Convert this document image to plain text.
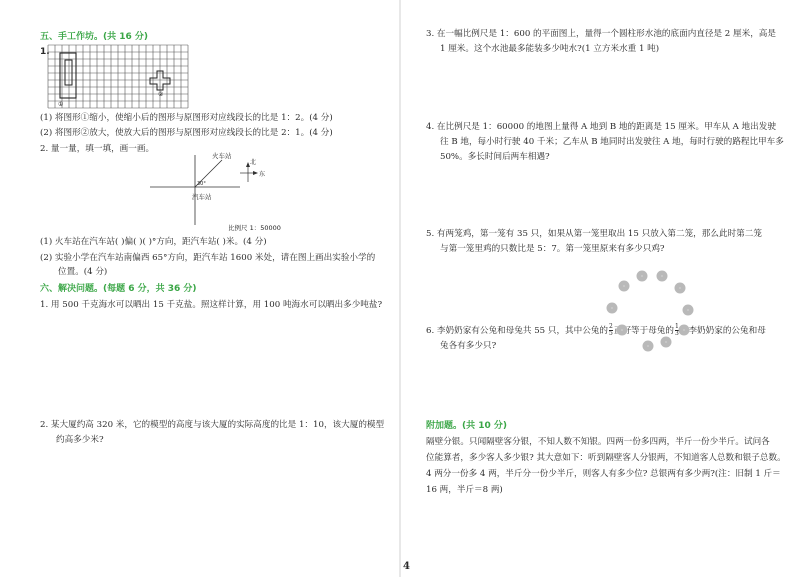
五、手工作坊。(共 16 分)
1.
①
②
(1) 将图形①缩小，使缩小后的图形与原图形对应线段长的比是 1：2。(4 分)
(2) 将图形②放大，使放大后的图形与原图形对应线段长的比是 2：1。(4 分)
2. 量一量，填一填，画一画。
火车站
汽车站
30°
北
东
比例尺 1：50000
(1) 火车站在汽车站( )偏( )( )°方向，距汽车站( )米。(4 分)
(2) 实验小学在汽车站南偏西 65°方向，距汽车站 1600 米处，请在图上画出实验小学的
位置。(4 分)
六、解决问题。(每题 6 分，共 36 分)
1. 用 500 千克海水可以晒出 15 千克盐。照这样计算，用 100 吨海水可以晒出多少吨盐?
2. 某大厦约高 320 米，它的模型的高度与该大厦的实际高度的比是 1：10，该大厦的模型
约高多少米?
3. 在一幅比例尺是 1：600 的平面图上，量得一个圆柱形水池的底面内直径是 2 厘米，高是
1 厘米。这个水池最多能装多少吨水?(1 立方米水重 1 吨)
4. 在比例尺是 1：60000 的地图上量得 A 地到 B 地的距离是 15 厘米。甲车从 A 地出发驶
往 B 地，每小时行驶 40 千米；乙车从 B 地同时出发驶往 A 地，每时行驶的路程比甲车多
50%。多长时间后两车相遇?
5. 有两笼鸡，第一笼有 35 只，如果从第一笼里取出 15 只放入第二笼，那么此时第二笼
与第一笼里鸡的只数比是 5：7。第一笼里原来有多少只鸡?
6. 李奶奶家有公兔和母兔共 55 只，其中公兔的 $\frac{2}{5}$ 正好等于母兔的 $\frac{1}{3}$ 。李奶奶家的公兔和母
兔各有多少只?
附加题。(共 10 分)
隔壁分银。只闻隔壁客分银，不知人数不知银。四两一份多四两，半斤一份少半斤。试问各
位能算者，多少客人多少银? 其大意如下：听到隔壁客人分银两，不知道客人总数和银子总数。
4 两分一份多 4 两，半斤分一份少半斤，则客人有多少位? 总银两有多少两?(注：旧制 1 斤＝
16 两，半斤＝8 两)
4
